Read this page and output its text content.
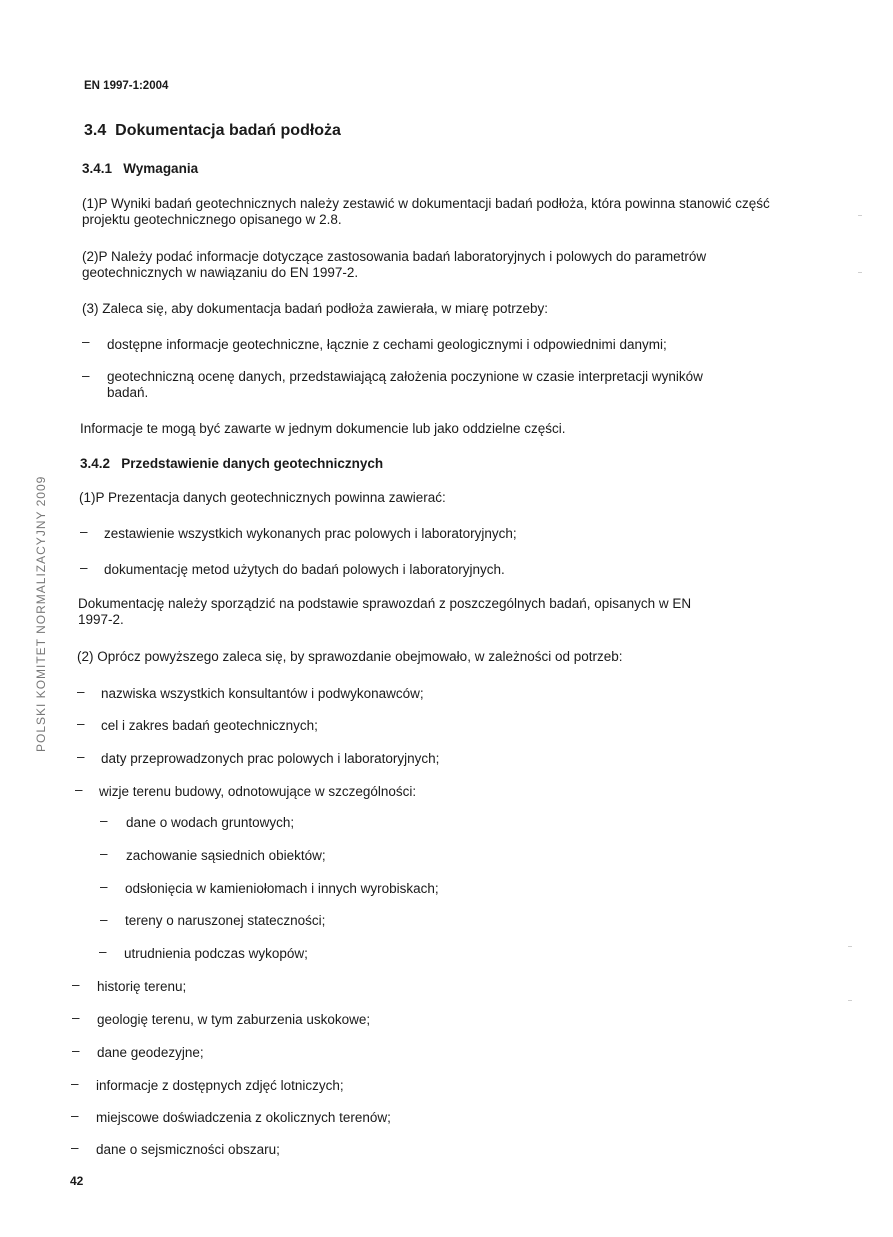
EN 1997-1:2004
3.4 Dokumentacja badań podłoża
3.4.1 Wymagania

(1)P Wyniki badań geotechnicznych należy zestawić w dokumentacji badań podłoża, która powinna stanowić część projektu geotechnicznego opisanego w 2.8.

(2)P Należy podać informacje dotyczące zastosowania badań laboratoryjnych i polowych do parametrów geotechnicznych w nawiązaniu do EN 1997-2.

(3) Zaleca się, aby dokumentacja badań podłoża zawierała, w miarę potrzeby:

– dostępne informacje geotechniczne, łącznie z cechami geologicznymi i odpowiednimi danymi;

– geotechniczną ocenę danych, przedstawiającą założenia poczynione w czasie interpretacji wyników badań.

Informacje te mogą być zawarte w jednym dokumencie lub jako oddzielne części.

3.4.2 Przedstawienie danych geotechnicznych

(1)P Prezentacja danych geotechnicznych powinna zawierać:

– zestawienie wszystkich wykonanych prac polowych i laboratoryjnych;

– dokumentację metod użytych do badań polowych i laboratoryjnych.

Dokumentację należy sporządzić na podstawie sprawozdań z poszczególnych badań, opisanych w EN 1997-2.

(2) Oprócz powyższego zaleca się, by sprawozdanie obejmowało, w zależności od potrzeb:

– nazwiska wszystkich konsultantów i podwykonawców;

– cel i zakres badań geotechnicznych;

– daty przeprowadzonych prac polowych i laboratoryjnych;

– wizje terenu budowy, odnotowujące w szczególności:

– dane o wodach gruntowych;

– zachowanie sąsiednich obiektów;

– odsłonięcia w kamieniołomach i innych wyrobiskach;

– tereny o naruszonej stateczności;

– utrudnienia podczas wykopów;

– historię terenu;

– geologię terenu, w tym zaburzenia uskokowe;

– dane geodezyjne;

– informacje z dostępnych zdjęć lotniczych;

– miejscowe doświadczenia z okolicznych terenów;

– dane o sejsmiczności obszaru;

POLSKI KOMITET NORMALIZACYJNY 2009
42
